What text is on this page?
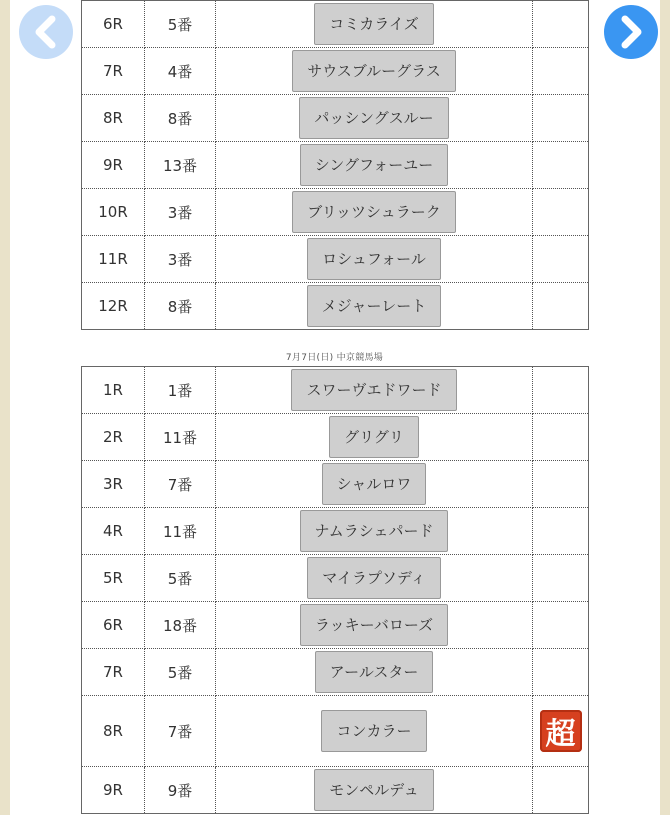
6R	5番	コミカライズ	
7R	4番	サウスブルーグラス	
8R	8番	パッシングスルー	
9R	13番	シングフォーユー	
10R	3番	ブリッツシュラーク	
11R	3番	ロシュフォール	
12R	8番	メジャーレート	
7月7日(日) 中京競馬場
1R	1番	スワーヴエドワード	
2R	11番	グリグリ	
3R	7番	シャルロワ	
4R	11番	ナムラシェパード	
5R	5番	マイラプソディ	
6R	18番	ラッキーバローズ	
7R	5番	アールスター	
8R	7番	コンカラー	超
9R	9番	モンペルデュ	
